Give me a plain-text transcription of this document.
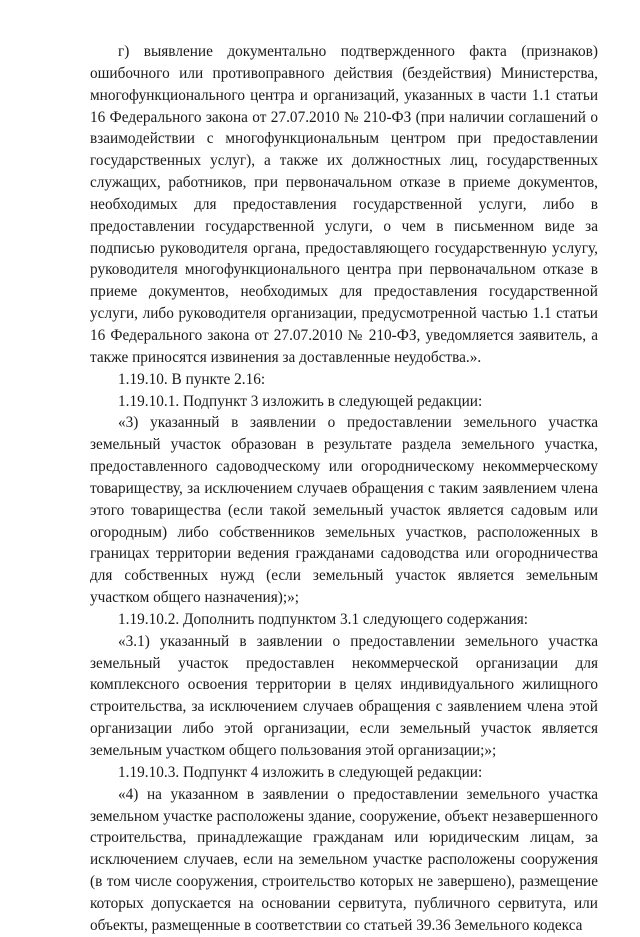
г) выявление документально подтвержденного факта (признаков) ошибочного или противоправного действия (бездействия) Министерства, многофункционального центра и организаций, указанных в части 1.1 статьи 16 Федерального закона от 27.07.2010 № 210-ФЗ (при наличии соглашений о взаимодействии с многофункциональным центром при предоставлении государственных услуг), а также их должностных лиц, государственных служащих, работников, при первоначальном отказе в приеме документов, необходимых для предоставления государственной услуги, либо в предоставлении государственной услуги, о чем в письменном виде за подписью руководителя органа, предоставляющего государственную услугу, руководителя многофункционального центра при первоначальном отказе в приеме документов, необходимых для предоставления государственной услуги, либо руководителя организации, предусмотренной частью 1.1 статьи 16 Федерального закона от 27.07.2010 № 210-ФЗ, уведомляется заявитель, а также приносятся извинения за доставленные неудобства.».

1.19.10. В пункте 2.16:

1.19.10.1. Подпункт 3 изложить в следующей редакции:

«3) указанный в заявлении о предоставлении земельного участка земельный участок образован в результате раздела земельного участка, предоставленного садоводческому или огородническому некоммерческому товариществу, за исключением случаев обращения с таким заявлением члена этого товарищества (если такой земельный участок является садовым или огородным) либо собственников земельных участков, расположенных в границах территории ведения гражданами садоводства или огородничества для собственных нужд (если земельный участок является земельным участком общего назначения);»;

1.19.10.2. Дополнить подпунктом 3.1 следующего содержания:

«3.1) указанный в заявлении о предоставлении земельного участка земельный участок предоставлен некоммерческой организации для комплексного освоения территории в целях индивидуального жилищного строительства, за исключением случаев обращения с заявлением члена этой организации либо этой организации, если земельный участок является земельным участком общего пользования этой организации;»;

1.19.10.3. Подпункт 4 изложить в следующей редакции:

«4) на указанном в заявлении о предоставлении земельного участка земельном участке расположены здание, сооружение, объект незавершенного строительства, принадлежащие гражданам или юридическим лицам, за исключением случаев, если на земельном участке расположены сооружения (в том числе сооружения, строительство которых не завершено), размещение которых допускается на основании сервитута, публичного сервитута, или объекты, размещенные в соответствии со статьей 39.36 Земельного кодекса
